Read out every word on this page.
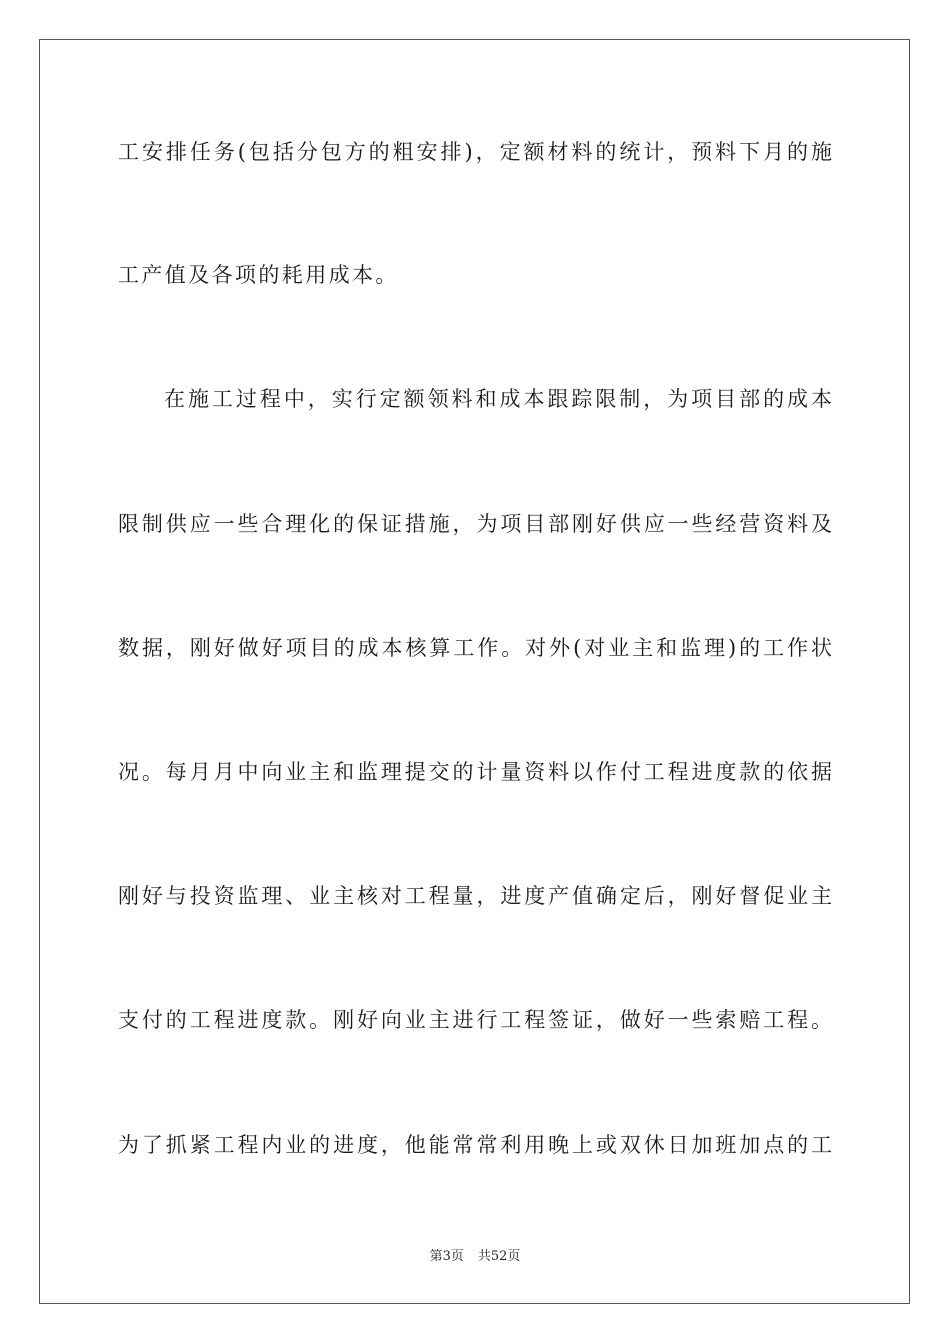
工安排任务(包括分包方的粗安排)，定额材料的统计，预料下月的施
工产值及各项的耗用成本。
在施工过程中，实行定额领料和成本跟踪限制，为项目部的成本
限制供应一些合理化的保证措施，为项目部刚好供应一些经营资料及
数据，刚好做好项目的成本核算工作。对外(对业主和监理)的工作状
况。每月月中向业主和监理提交的计量资料以作付工程进度款的依据
刚好与投资监理、业主核对工程量，进度产值确定后，刚好督促业主
支付的工程进度款。刚好向业主进行工程签证，做好一些索赔工程。
为了抓紧工程内业的进度，他能常常利用晚上或双休日加班加点的工
第3页 共52页
